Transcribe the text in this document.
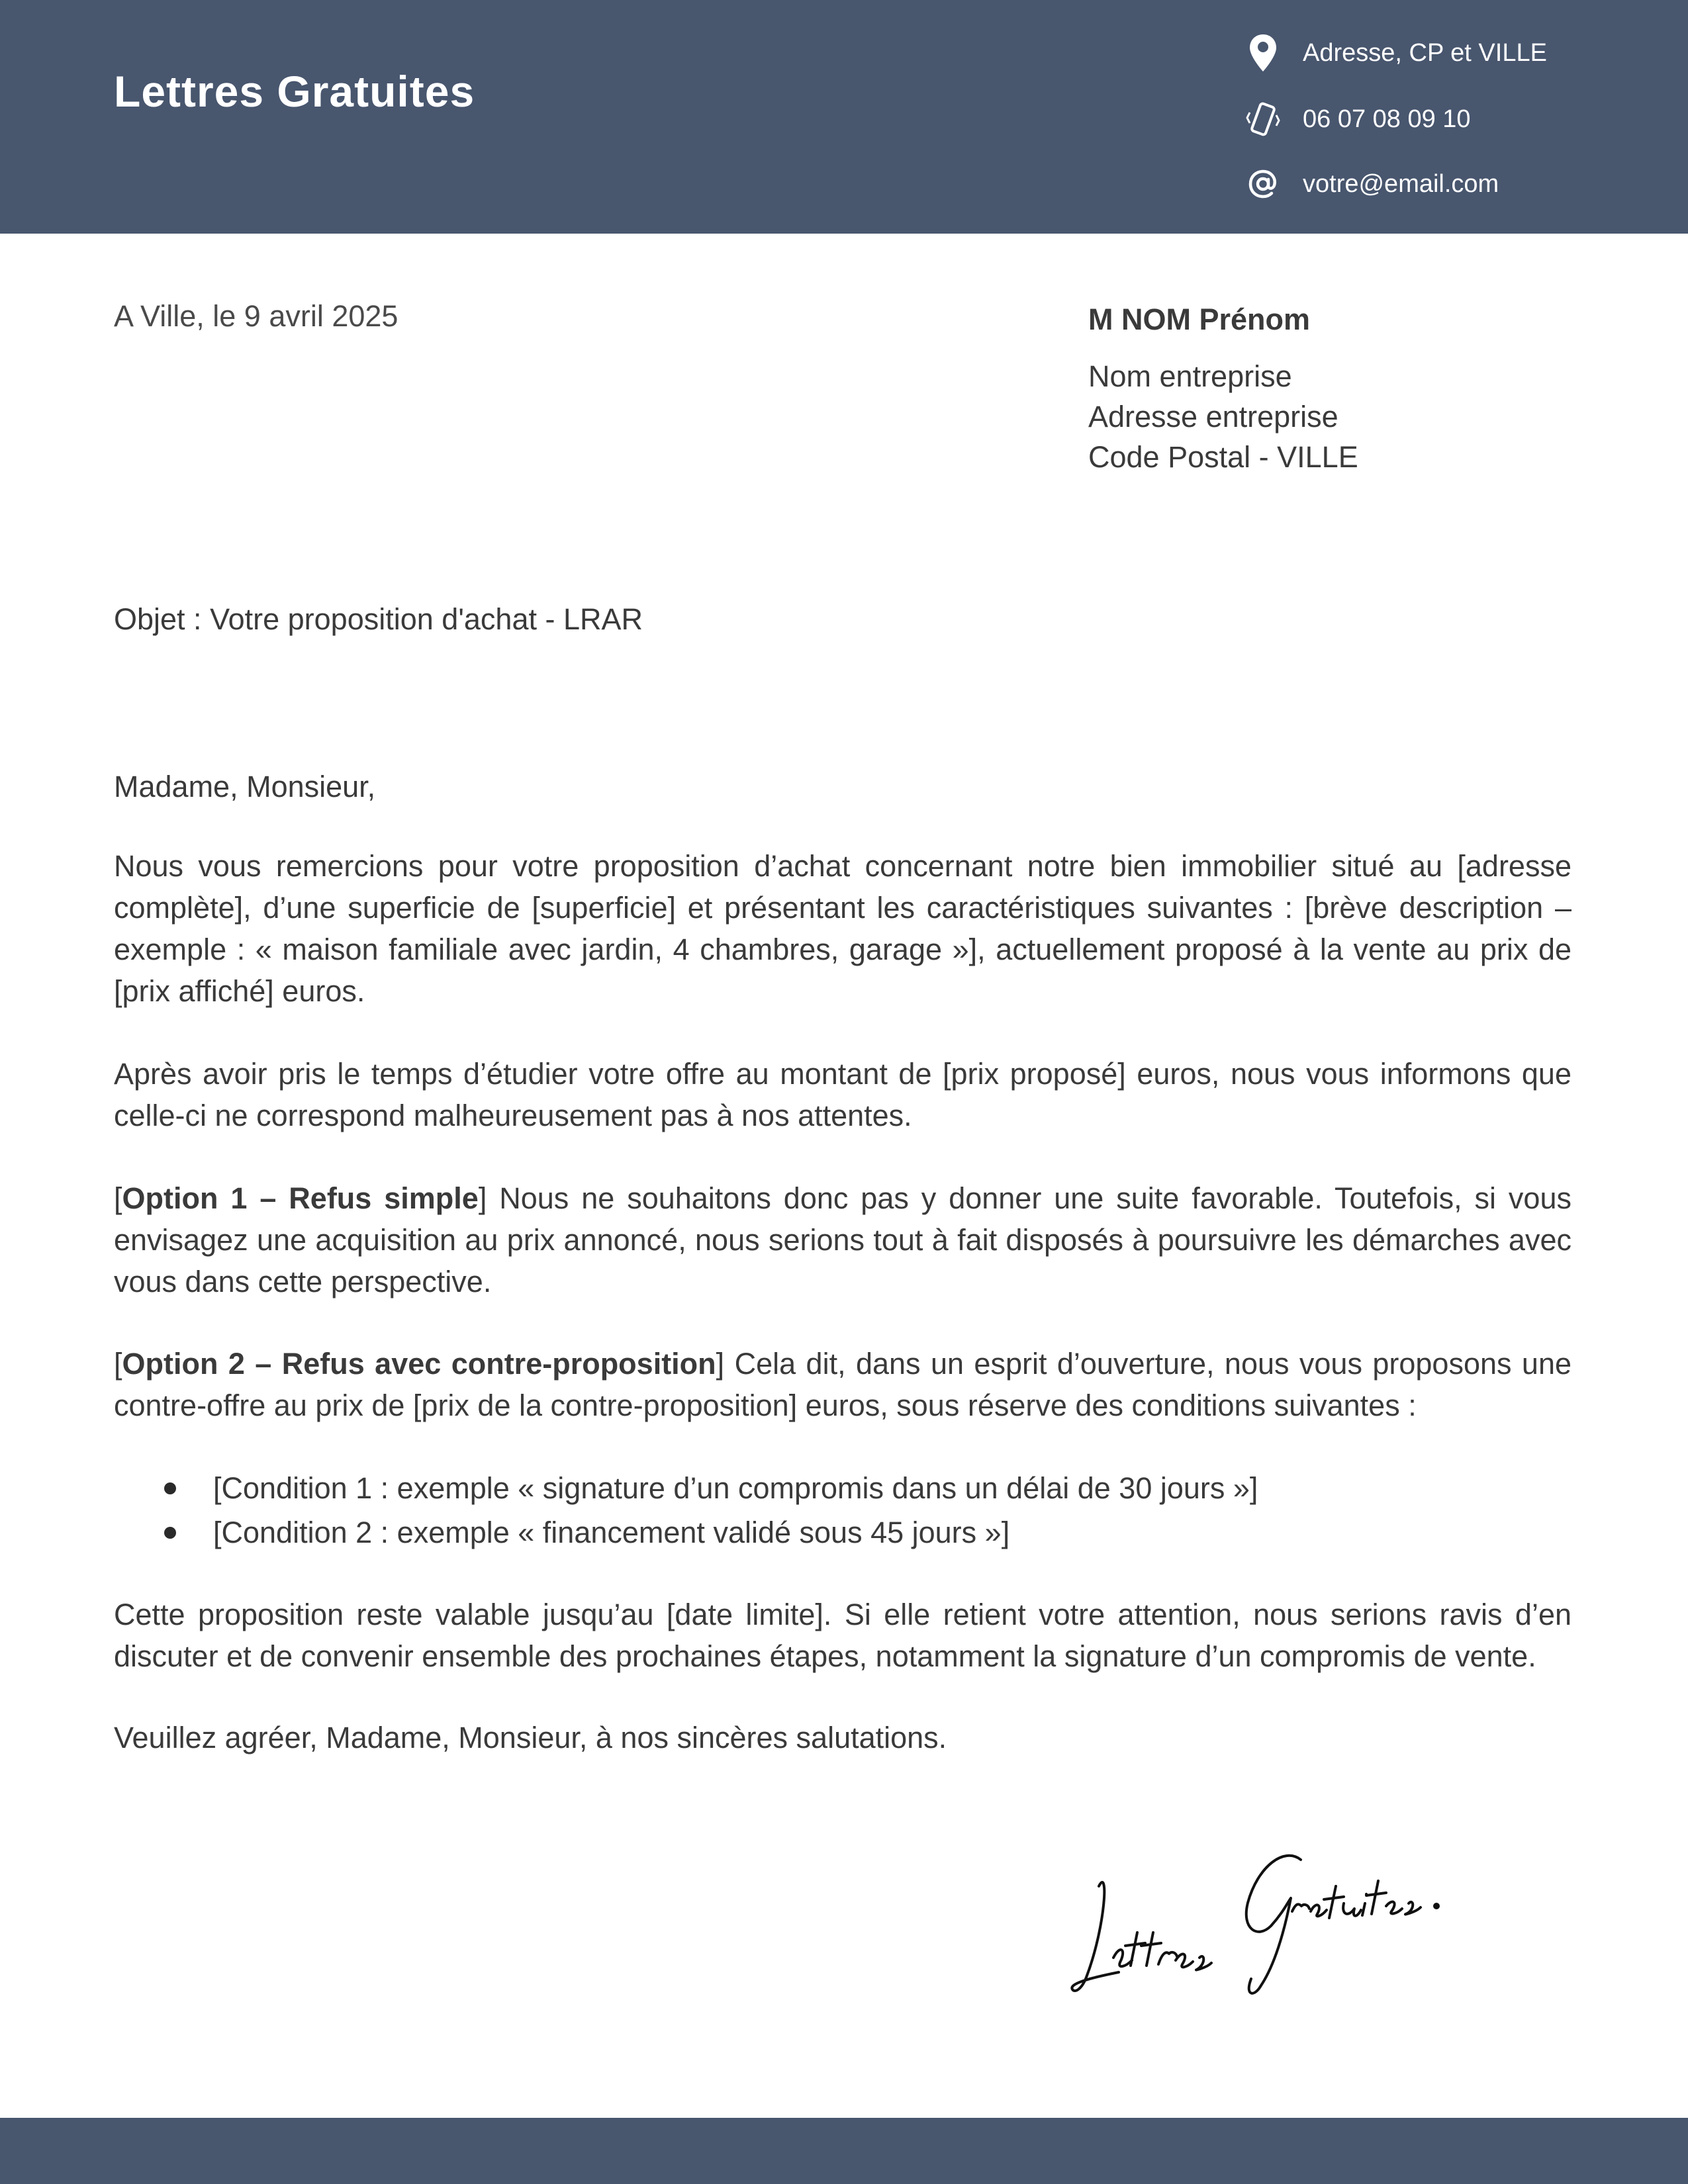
Lettres Gratuites
Adresse, CP et VILLE
06 07 08 09 10
votre@email.com
A Ville, le 9 avril 2025	M NOM Prénom
Nom entreprise
Adresse entreprise
Code Postal - VILLE
Objet : Votre proposition d'achat - LRAR
Madame, Monsieur,
Nous vous remercions pour votre proposition d’achat concernant notre bien immobilier situé au [adresse complète], d’une superficie de [superficie] et présentant les caractéristiques suivantes : [brève description – exemple : « maison familiale avec jardin, 4 chambres, garage »], actuellement proposé à la vente au prix de [prix affiché] euros.
Après avoir pris le temps d’étudier votre offre au montant de [prix proposé] euros, nous vous informons que celle-ci ne correspond malheureusement pas à nos attentes.
[Option 1 – Refus simple] Nous ne souhaitons donc pas y donner une suite favorable. Toutefois, si vous envisagez une acquisition au prix annoncé, nous serions tout à fait disposés à poursuivre les démarches avec vous dans cette perspective.
[Option 2 – Refus avec contre-proposition] Cela dit, dans un esprit d’ouverture, nous vous proposons une contre-offre au prix de [prix de la contre-proposition] euros, sous réserve des conditions suivantes :
[Condition 1 : exemple « signature d’un compromis dans un délai de 30 jours »]
[Condition 2 : exemple « financement validé sous 45 jours »]
Cette proposition reste valable jusqu’au [date limite]. Si elle retient votre attention, nous serions ravis d’en discuter et de convenir ensemble des prochaines étapes, notamment la signature d’un compromis de vente.
Veuillez agréer, Madame, Monsieur, à nos sincères salutations.
